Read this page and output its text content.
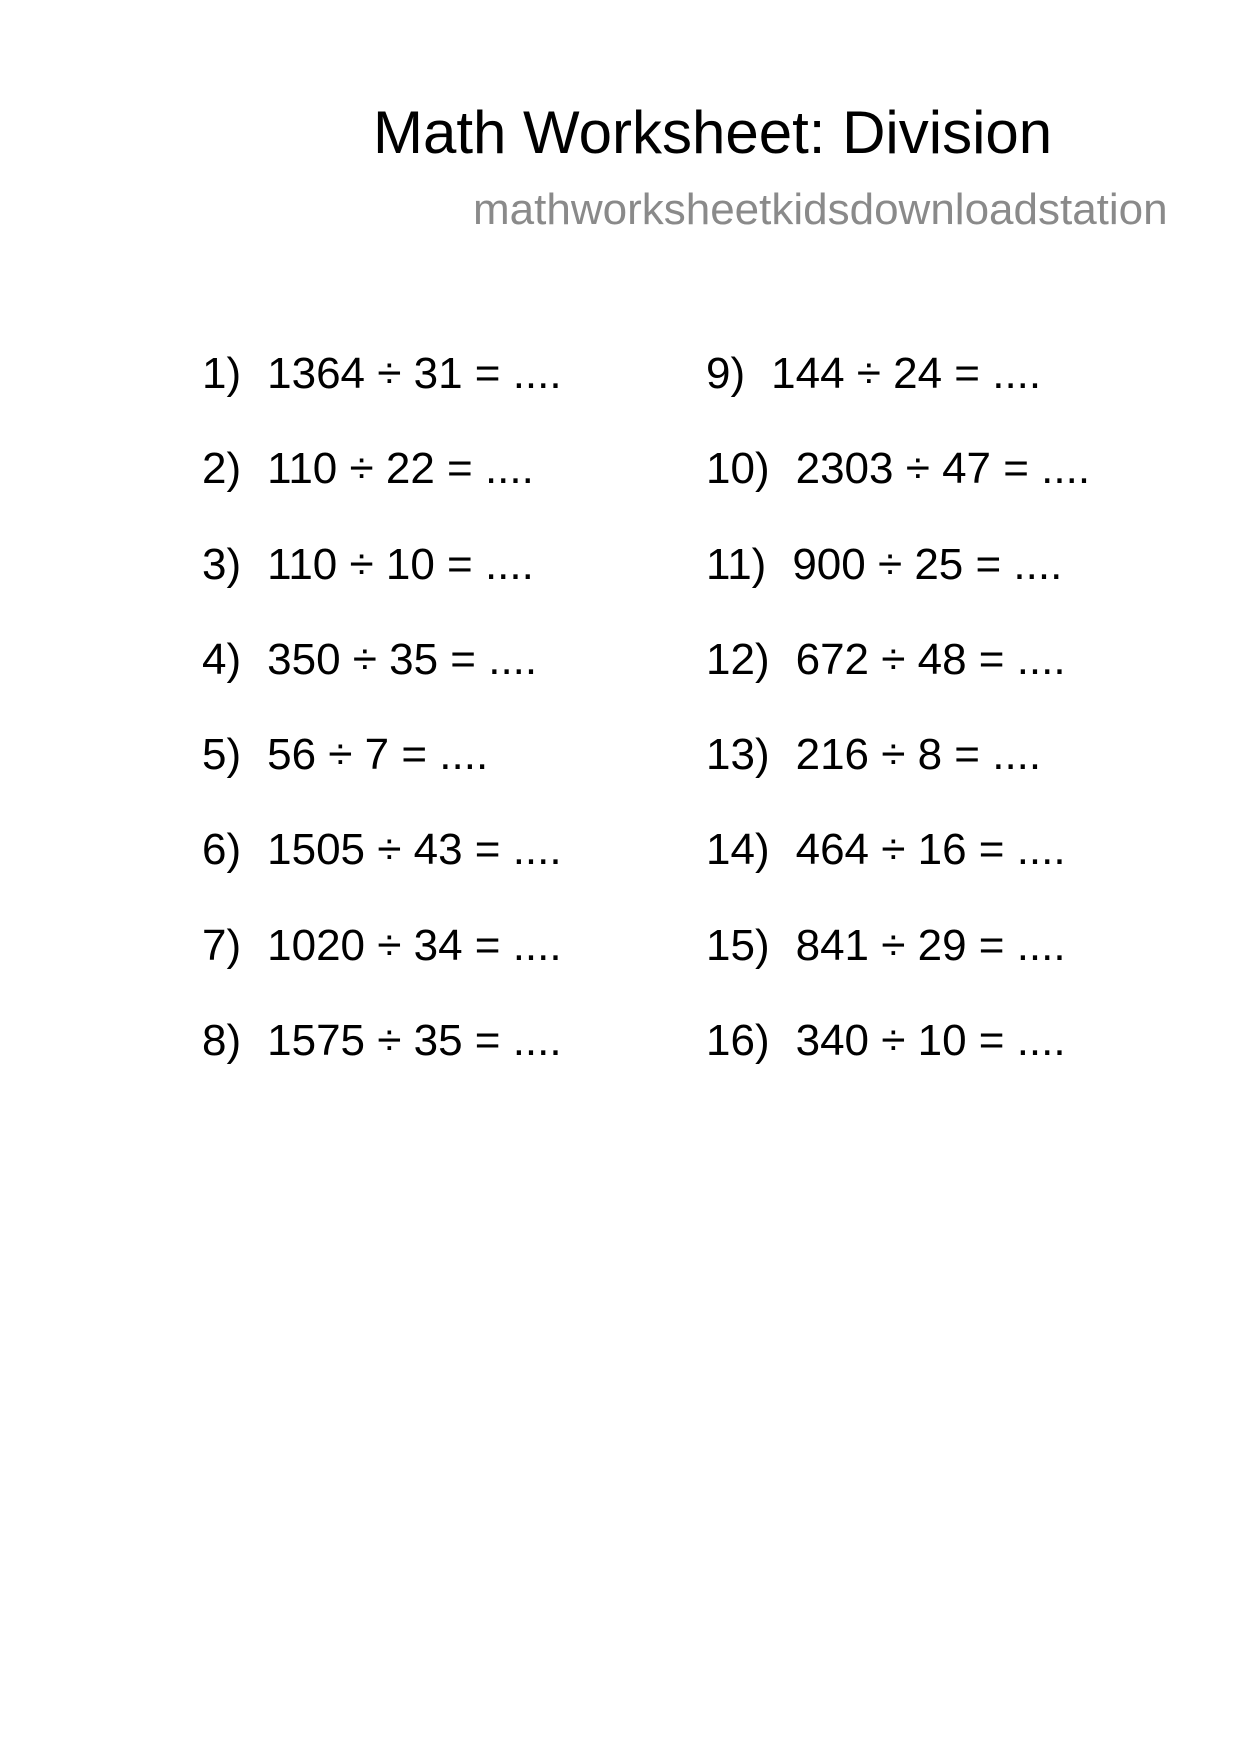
Math Worksheet: Division
mathworksheetkidsdownloadstation
1) 1364 ÷ 31 = ....
2) 110 ÷ 22 = ....
3) 110 ÷ 10 = ....
4) 350 ÷ 35 = ....
5) 56 ÷ 7 = ....
6) 1505 ÷ 43 = ....
7) 1020 ÷ 34 = ....
8) 1575 ÷ 35 = ....
9) 144 ÷ 24 = ....
10) 2303 ÷ 47 = ....
11) 900 ÷ 25 = ....
12) 672 ÷ 48 = ....
13) 216 ÷ 8 = ....
14) 464 ÷ 16 = ....
15) 841 ÷ 29 = ....
16) 340 ÷ 10 = ....
